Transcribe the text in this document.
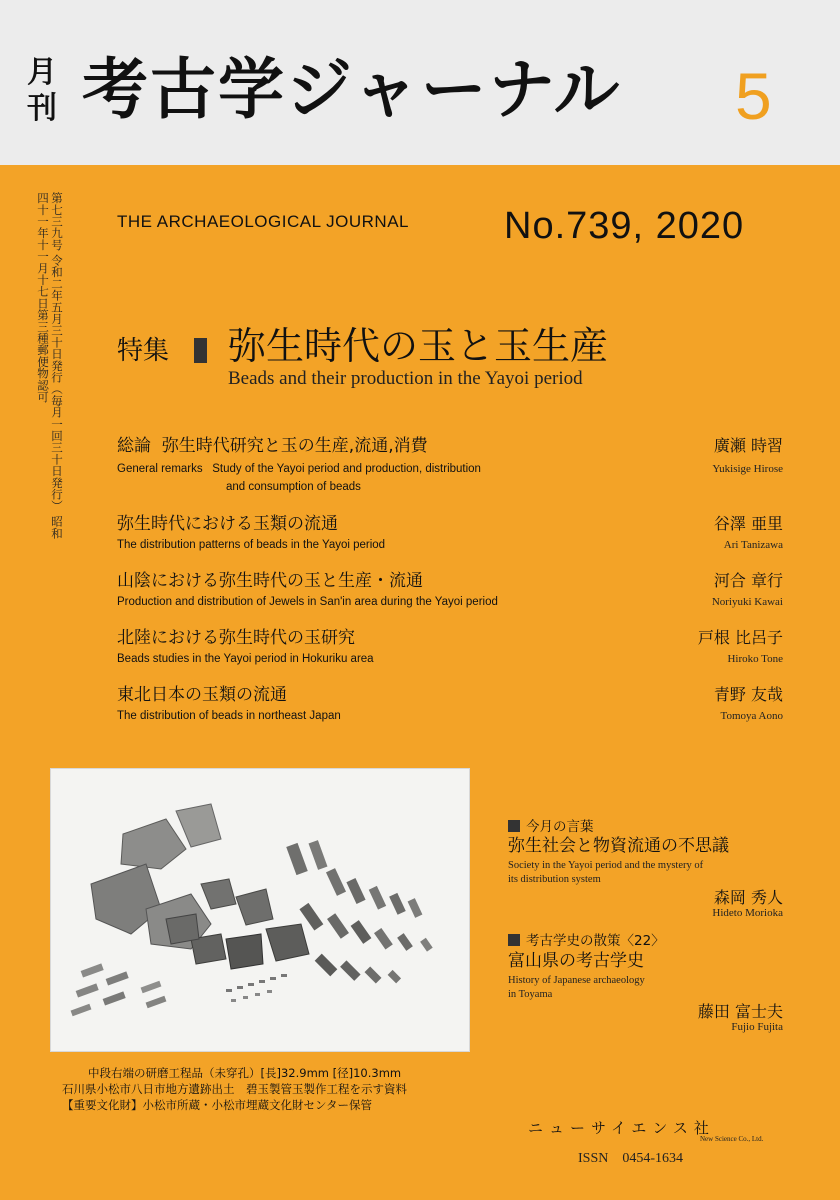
月刊 考古学ジャーナル 5
第七三九号 令和二年五月三十日発行（毎月一回三十日発行） 昭和四十一年十一月十七日第三種郵便物認可	THE ARCHAEOLOGICAL JOURNAL	No.739, 2020
特集 弥生時代の玉と玉生産
Beads and their production in the Yayoi period
総論 弥生時代研究と玉の生産,流通,消費
General remarks Study of the Yayoi period and production, distribution
and consumption of beads
廣瀬 時習
Yukisige Hirose
弥生時代における玉類の流通
The distribution patterns of beads in the Yayoi period
谷澤 亜里
Ari Tanizawa
山陰における弥生時代の玉と生産・流通
Production and distribution of Jewels in San'in area during the Yayoi period
河合 章行
Noriyuki Kawai
北陸における弥生時代の玉研究
Beads studies in the Yayoi period in Hokuriku area
戸根 比呂子
Hiroko Tone
東北日本の玉類の流通
The distribution of beads in northeast Japan
青野 友哉
Tomoya Aono
今月の言葉
弥生社会と物資流通の不思議
Society in the Yayoi period and the mystery of
its distribution system
森岡 秀人
Hideto Morioka
考古学史の散策〈22〉
富山県の考古学史
History of Japanese archaeology
in Toyama
藤田 富士夫
Fujio Fujita
中段右端の研磨工程品（未穿孔）[長]32.9mm [径]10.3mm
石川県小松市八日市地方遺跡出土　碧玉製管玉製作工程を示す資料
【重要文化財】小松市所蔵・小松市埋蔵文化財センター保管
ニューサイエンス社
New Science Co., Ltd.
ISSN　0454-1634
